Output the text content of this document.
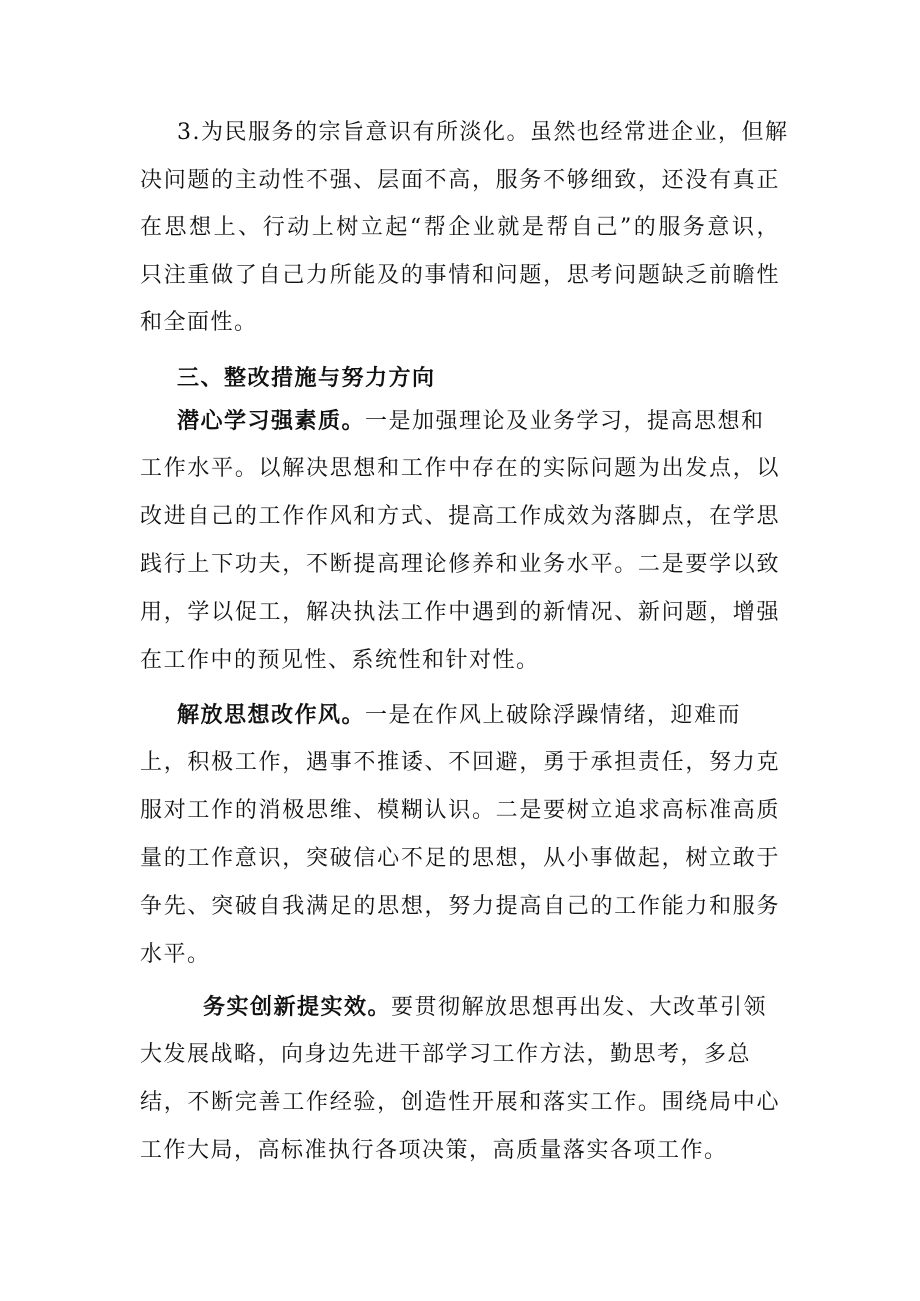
3.为民服务的宗旨意识有所淡化。虽然也经常进企业，但解
决问题的主动性不强、层面不高，服务不够细致，还没有真正
在思想上、行动上树立起“帮企业就是帮自己”的服务意识，
只注重做了自己力所能及的事情和问题，思考问题缺乏前瞻性
和全面性。
三、整改措施与努力方向
潜心学习强素质。一是加强理论及业务学习，提高思想和
工作水平。以解决思想和工作中存在的实际问题为出发点，以
改进自己的工作作风和方式、提高工作成效为落脚点，在学思
践行上下功夫，不断提高理论修养和业务水平。二是要学以致
用，学以促工，解决执法工作中遇到的新情况、新问题，增强
在工作中的预见性、系统性和针对性。
解放思想改作风。一是在作风上破除浮躁情绪，迎难而
上，积极工作，遇事不推诿、不回避，勇于承担责任，努力克
服对工作的消极思维、模糊认识。二是要树立追求高标准高质
量的工作意识，突破信心不足的思想，从小事做起，树立敢于
争先、突破自我满足的思想，努力提高自己的工作能力和服务
水平。
务实创新提实效。要贯彻解放思想再出发、大改革引领
大发展战略，向身边先进干部学习工作方法，勤思考，多总
结，不断完善工作经验，创造性开展和落实工作。围绕局中心
工作大局，高标准执行各项决策，高质量落实各项工作。
